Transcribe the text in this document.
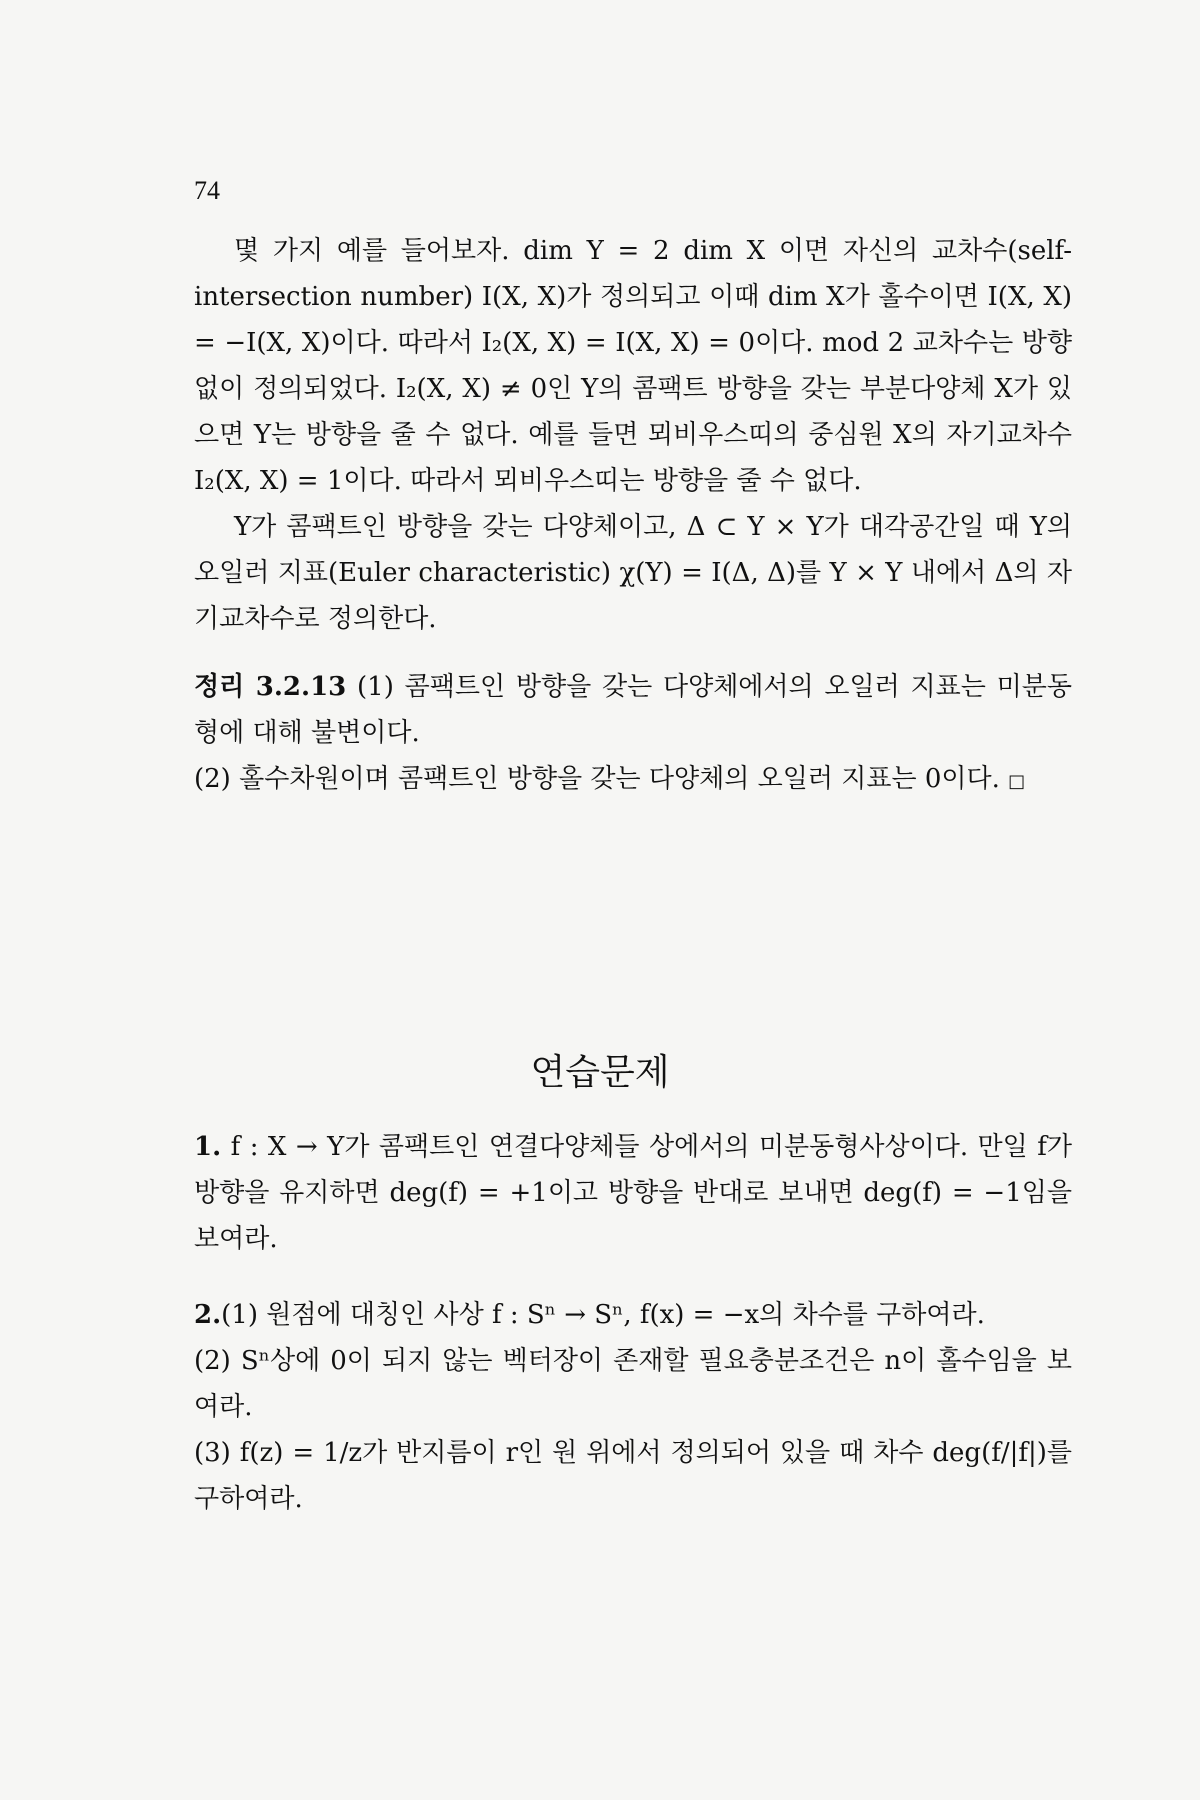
74

몇 가지 예를 들어보자. dim Y = 2 dim X 이면 자신의 교차수(self-intersection number) I(X, X)가 정의되고 이때 dim X가 홀수이면 I(X, X) = −I(X, X)이다. 따라서 I₂(X, X) = I(X, X) = 0이다. mod 2 교차수는 방향없이 정의되었다. I₂(X, X) ≠ 0인 Y의 콤팩트 방향을 갖는 부분다양체 X가 있으면 Y는 방향을 줄 수 없다. 예를 들면 뫼비우스띠의 중심원 X의 자기교차수 I₂(X, X) = 1이다. 따라서 뫼비우스띠는 방향을 줄 수 없다.

Y가 콤팩트인 방향을 갖는 다양체이고, Δ ⊂ Y × Y가 대각공간일 때 Y의 오일러 지표(Euler characteristic) χ(Y) = I(Δ, Δ)를 Y × Y 내에서 Δ의 자기교차수로 정의한다.

정리 3.2.13 (1) 콤팩트인 방향을 갖는 다양체에서의 오일러 지표는 미분동형에 대해 불변이다.

(2) 홀수차원이며 콤팩트인 방향을 갖는 다양체의 오일러 지표는 0이다. □

연습문제

1. f : X → Y가 콤팩트인 연결다양체들 상에서의 미분동형사상이다. 만일 f가 방향을 유지하면 deg(f) = +1이고 방향을 반대로 보내면 deg(f) = −1임을 보여라.

2.(1) 원점에 대칭인 사상 f : Sⁿ → Sⁿ, f(x) = −x의 차수를 구하여라.

(2) Sⁿ상에 0이 되지 않는 벡터장이 존재할 필요충분조건은 n이 홀수임을 보여라.

(3) f(z) = 1/z가 반지름이 r인 원 위에서 정의되어 있을 때 차수 deg(f/|f|)를 구하여라.
